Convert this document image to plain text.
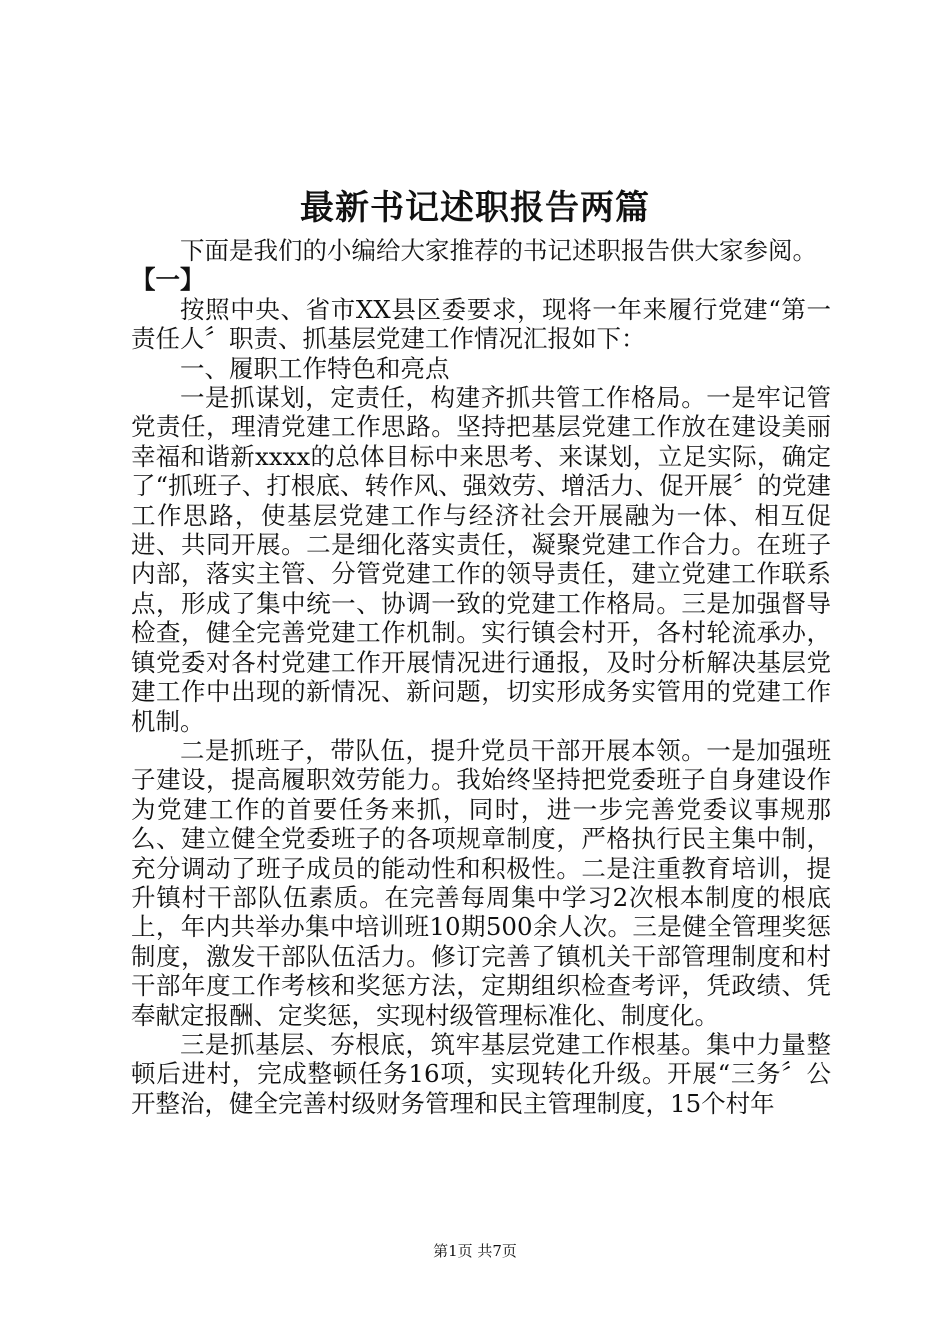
最新书记述职报告两篇

下面是我们的小编给大家推荐的书记述职报告供大家参阅。

【一】

按照中央、省市XX县区委要求，现将一年来履行党建“第一责任人〞职责、抓基层党建工作情况汇报如下：

一、履职工作特色和亮点

一是抓谋划，定责任，构建齐抓共管工作格局。一是牢记管党责任，理清党建工作思路。坚持把基层党建工作放在建设美丽幸福和谐新xxxx的总体目标中来思考、来谋划，立足实际，确定了“抓班子、打根底、转作风、强效劳、增活力、促开展〞的党建工作思路，使基层党建工作与经济社会开展融为一体、相互促进、共同开展。二是细化落实责任，凝聚党建工作合力。在班子内部，落实主管、分管党建工作的领导责任，建立党建工作联系点，形成了集中统一、协调一致的党建工作格局。三是加强督导检查，健全完善党建工作机制。实行镇会村开，各村轮流承办，镇党委对各村党建工作开展情况进行通报，及时分析解决基层党建工作中出现的新情况、新问题，切实形成务实管用的党建工作机制。

二是抓班子，带队伍，提升党员干部开展本领。一是加强班子建设，提高履职效劳能力。我始终坚持把党委班子自身建设作为党建工作的首要任务来抓，同时，进一步完善党委议事规那么、建立健全党委班子的各项规章制度，严格执行民主集中制，充分调动了班子成员的能动性和积极性。二是注重教育培训，提升镇村干部队伍素质。在完善每周集中学习2次根本制度的根底上，年内共举办集中培训班10期500余人次。三是健全管理奖惩制度，激发干部队伍活力。修订完善了镇机关干部管理制度和村干部年度工作考核和奖惩方法，定期组织检查考评，凭政绩、凭奉献定报酬、定奖惩，实现村级管理标准化、制度化。

三是抓基层、夯根底，筑牢基层党建工作根基。集中力量整顿后进村，完成整顿任务16项，实现转化升级。开展“三务〞公开整治，健全完善村级财务管理和民主管理制度，15个村年

第1页 共7页
